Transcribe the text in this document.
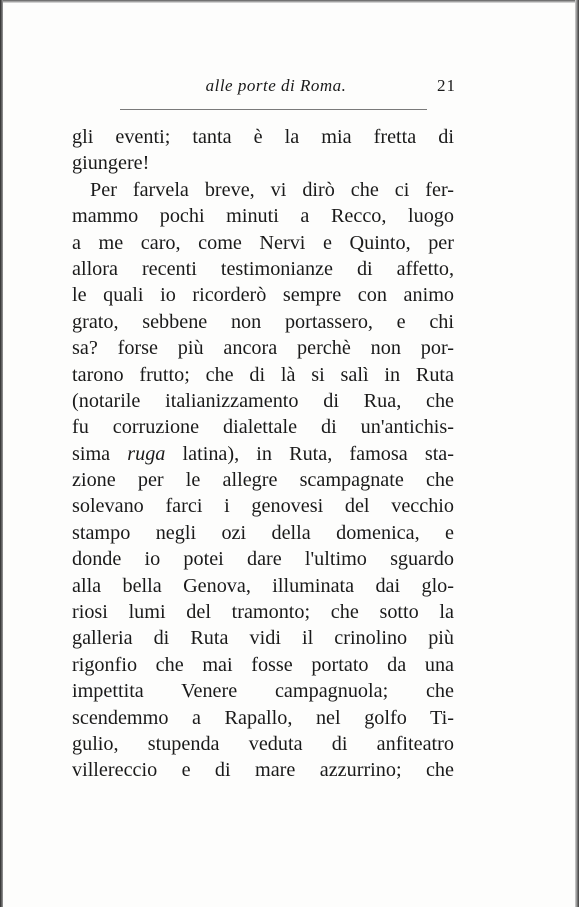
alle porte di Roma.	21
gli eventi; tanta è la mia fretta di
giungere!
Per farvela breve, vi dirò che ci fer-
mammo pochi minuti a Recco, luogo
a me caro, come Nervi e Quinto, per
allora recenti testimonianze di affetto,
le quali io ricorderò sempre con animo
grato, sebbene non portassero, e chi
sa? forse più ancora perchè non por-
tarono frutto; che di là si salì in Ruta
(notarile italianizzamento di Rua, che
fu corruzione dialettale di un'antichis-
sima ruga latina), in Ruta, famosa sta-
zione per le allegre scampagnate che
solevano farci i genovesi del vecchio
stampo negli ozi della domenica, e
donde io potei dare l'ultimo sguardo
alla bella Genova, illuminata dai glo-
riosi lumi del tramonto; che sotto la
galleria di Ruta vidi il crinolino più
rigonfio che mai fosse portato da una
impettita Venere campagnuola; che
scendemmo a Rapallo, nel golfo Ti-
gulio, stupenda veduta di anfiteatro
villereccio e di mare azzurrino; che
